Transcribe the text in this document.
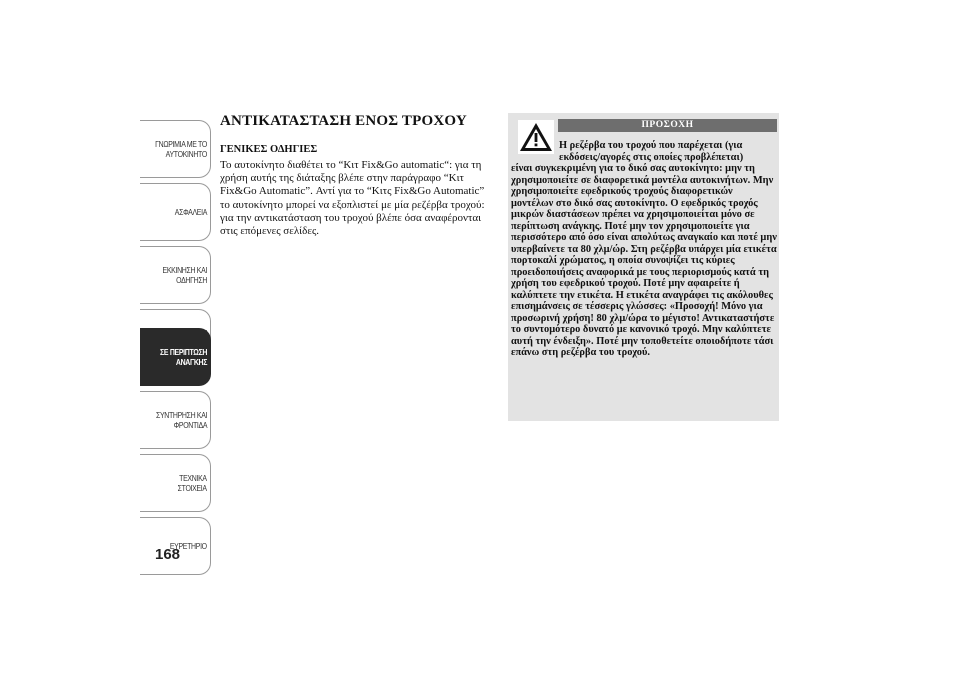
ΓΝΩΡΙΜΙΑ ΜΕ ΤΟ
ΑΥΤΟΚΙΝΗΤΟ
ΑΣΦΑΛΕΙΑ
ΕΚΚΙΝΗΣΗ ΚΑΙ
ΟΔΗΓΗΣΗ
ΣΕ ΠΕΡΙΠΤΩΣΗ
ΑΝΑΓΚΗΣ
ΣΥΝΤΗΡΗΣΗ ΚΑΙ
ΦΡΟΝΤΙΔΑ
ΤΕΧΝΙΚΑ ΣΤΟΙΧΕΙΑ
ΕΥΡΕΤΗΡΙΟ
168
ΑΝΤΙΚΑΤΑΣΤΑΣΗ ΕΝΟΣ ΤΡΟΧΟΥ
ΓΕΝΙΚΕΣ ΟΔΗΓΙΕΣ

Το αυτοκίνητο διαθέτει το “Κιτ Fix&Go automatic“: για τη χρήση αυτής της διάταξης βλέπε στην παράγραφο “Κιτ Fix&Go Automatic”. Αντί για το “Κιτς Fix&Go Automatic” το αυτοκίνητο μπορεί να εξοπλιστεί με μία ρεζέρβα τροχού: για την αντικατάσταση του τροχού βλέπε όσα αναφέρονται στις επόμενες σελίδες.

ΠΡΟΣΟΧΗ
Η ρεζέρβα του τροχού που παρέχεται (για εκδόσεις/αγορές στις οποίες προβλέπεται)
είναι συγκεκριμένη για το δικό σας αυτοκίνητο: μην τη χρησιμοποιείτε σε διαφορετικά μοντέλα αυτοκινήτων. Μην χρησιμοποιείτε εφεδρικούς τροχούς διαφορετικών μοντέλων στο δικό σας αυτοκίνητο. Ο εφεδρικός τροχός μικρών διαστάσεων πρέπει να χρησιμοποιείται μόνο σε περίπτωση ανάγκης. Ποτέ μην τον χρησιμοποιείτε για περισσότερο από όσο είναι απολύτως αναγκαίο και ποτέ μην υπερβαίνετε τα 80 χλμ/ώρ. Στη ρεζέρβα υπάρχει μία ετικέτα πορτοκαλί χρώματος, η οποία συνοψίζει τις κύριες προειδοποιήσεις αναφορικά με τους περιορισμούς κατά τη χρήση του εφεδρικού τροχού. Ποτέ μην αφαιρείτε ή καλύπτετε την ετικέτα. Η ετικέτα αναγράφει τις ακόλουθες επισημάνσεις σε τέσσερις γλώσσες: «Προσοχή! Μόνο για προσωρινή χρήση! 80 χλμ/ώρα το μέγιστο! Αντικαταστήστε το συντομότερο δυνατό με κανονικό τροχό. Μην καλύπτετε αυτή την ένδειξη». Ποτέ μην τοποθετείτε οποιοδήποτε τάσι επάνω στη ρεζέρβα του τροχού.
